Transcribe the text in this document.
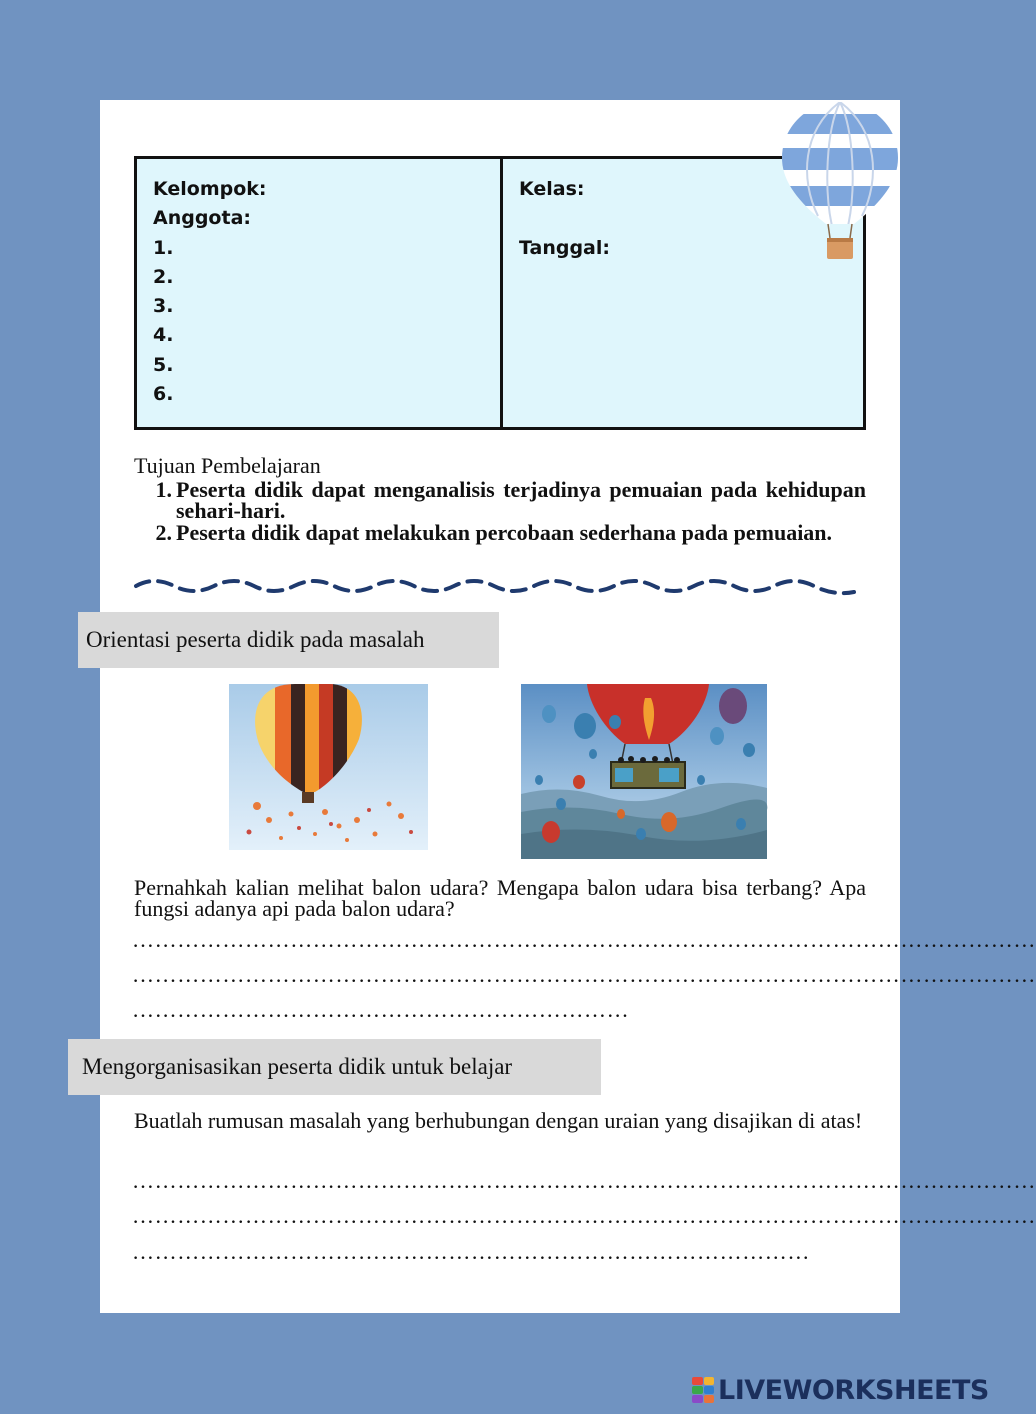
Kelompok:
Anggota:
1.
2.
3.
4.
5.
6.
Kelas:
Tanggal:
Tujuan Pembelajaran
1. Peserta didik dapat menganalisis terjadinya pemuaian pada kehidupan sehari-hari.
2. Peserta didik dapat melakukan percobaan sederhana pada pemuaian.
Orientasi peserta didik pada masalah
Pernahkah kalian melihat balon udara? Mengapa balon udara bisa terbang? Apa fungsi adanya api pada balon udara?
…………………………………………………………………………………………………………
…………………………………………………………………………………………………………
…………………………………………………………
Mengorganisasikan peserta didik untuk belajar
Buatlah rumusan masalah yang berhubungan dengan uraian yang disajikan di atas!
…………………………………………………………………………………………………………
…………………………………………………………………………………………………………
………………………………………………………………………………
LIVEWORKSHEETS
